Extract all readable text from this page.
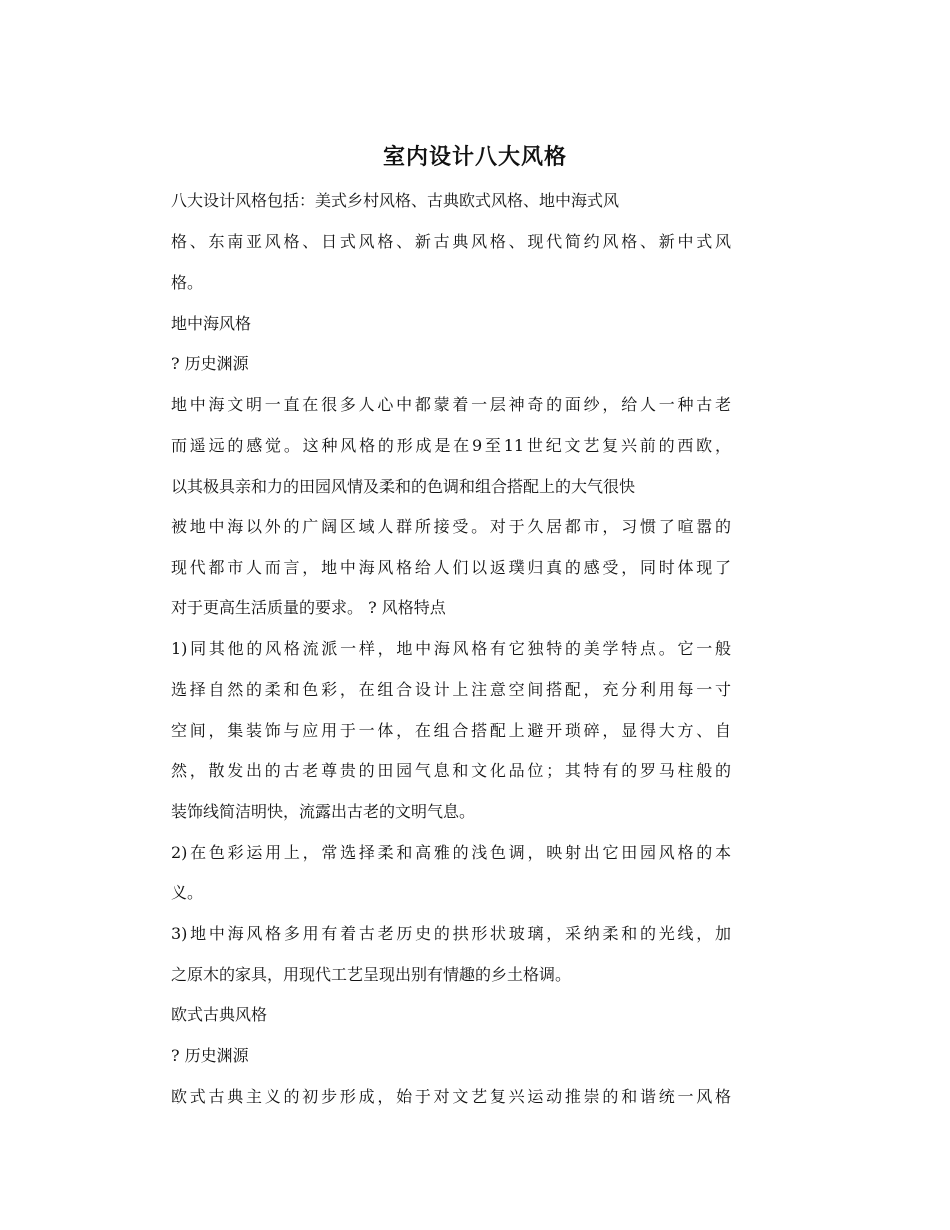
室内设计八大风格
八大设计风格包括：美式乡村风格、古典欧式风格、地中海式风
格、东南亚风格、日式风格、新古典风格、现代简约风格、新中式风
格。
地中海风格
? 历史渊源
地中海文明一直在很多人心中都蒙着一层神奇的面纱，给人一种古老
而遥远的感觉。这种风格的形成是在9至11世纪文艺复兴前的西欧，
以其极具亲和力的田园风情及柔和的色调和组合搭配上的大气很快
被地中海以外的广阔区域人群所接受。对于久居都市，习惯了喧嚣的
现代都市人而言，地中海风格给人们以返璞归真的感受，同时体现了
对于更高生活质量的要求。 ? 风格特点
1)同其他的风格流派一样，地中海风格有它独特的美学特点。它一般
选择自然的柔和色彩，在组合设计上注意空间搭配，充分利用每一寸
空间，集装饰与应用于一体，在组合搭配上避开琐碎，显得大方、自
然，散发出的古老尊贵的田园气息和文化品位；其特有的罗马柱般的
装饰线简洁明快，流露出古老的文明气息。
2)在色彩运用上，常选择柔和高雅的浅色调，映射出它田园风格的本
义。
3)地中海风格多用有着古老历史的拱形状玻璃，采纳柔和的光线，加
之原木的家具，用现代工艺呈现出别有情趣的乡土格调。
欧式古典风格
? 历史渊源
欧式古典主义的初步形成，始于对文艺复兴运动推崇的和谐统一风格
